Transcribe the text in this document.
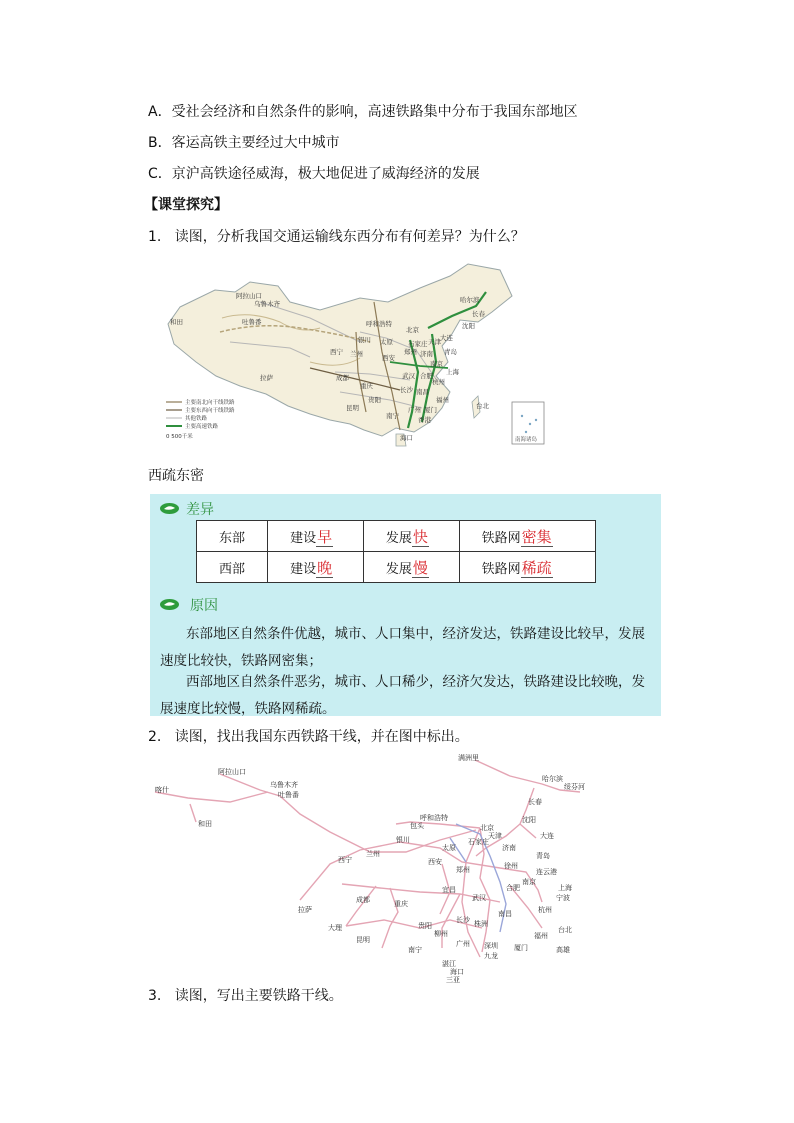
A．受社会经济和自然条件的影响，高速铁路集中分布于我国东部地区
B．客运高铁主要经过大中城市
C．京沪高铁途径威海，极大地促进了威海经济的发展
【课堂探究】
1. 读图，分析我国交通运输线东西分布有何差异？为什么？
阿拉山口
乌鲁木齐
和田	吐鲁番	呼和浩特
北京
天津
哈尔滨
长春
沈阳
大连
银川
西宁 兰州	西安
郑州 济南 青岛
太原 石家庄
成都
重庆
武汉
南京
上海
杭州
拉萨
昆明
贵阳
南宁
广州
香港
海口
福州
台北
厦门
长沙 南昌
合肥
南海诸岛
主要南北向干线铁路
主要东西向干线铁路
其他铁路
主要高速铁路
0 500千米
西疏东密
差异
东部	建设早	发展快	铁路网密集
西部	建设晚	发展慢	铁路网稀疏
原因
东部地区自然条件优越，城市、人口集中，经济发达，铁路建设比较早，发展速度比较快，铁路网密集；
西部地区自然条件恶劣，城市、人口稀少，经济欠发达，铁路建设比较晚，发展速度比较慢，铁路网稀疏。
2. 读图，找出我国东西铁路干线，并在图中标出。
满洲里
哈尔滨
绥芬河
长春
沈阳
大连
阿拉山口
乌鲁木齐
吐鲁番
喀什
和田
呼和浩特
包头	北京
天津
银川	石家庄
太原	济南
青岛
西宁
兰州
西安
郑州	徐州
连云港
南京
上海
合肥
宁波
杭州
拉萨
成都	重庆
武汉
宜昌
南昌
长沙 株洲
贵阳
大理
昆明
柳州
广州 深圳
九龙
福州
厦门
台北
高雄
南宁
湛江
海口
三亚
3. 读图，写出主要铁路干线。
